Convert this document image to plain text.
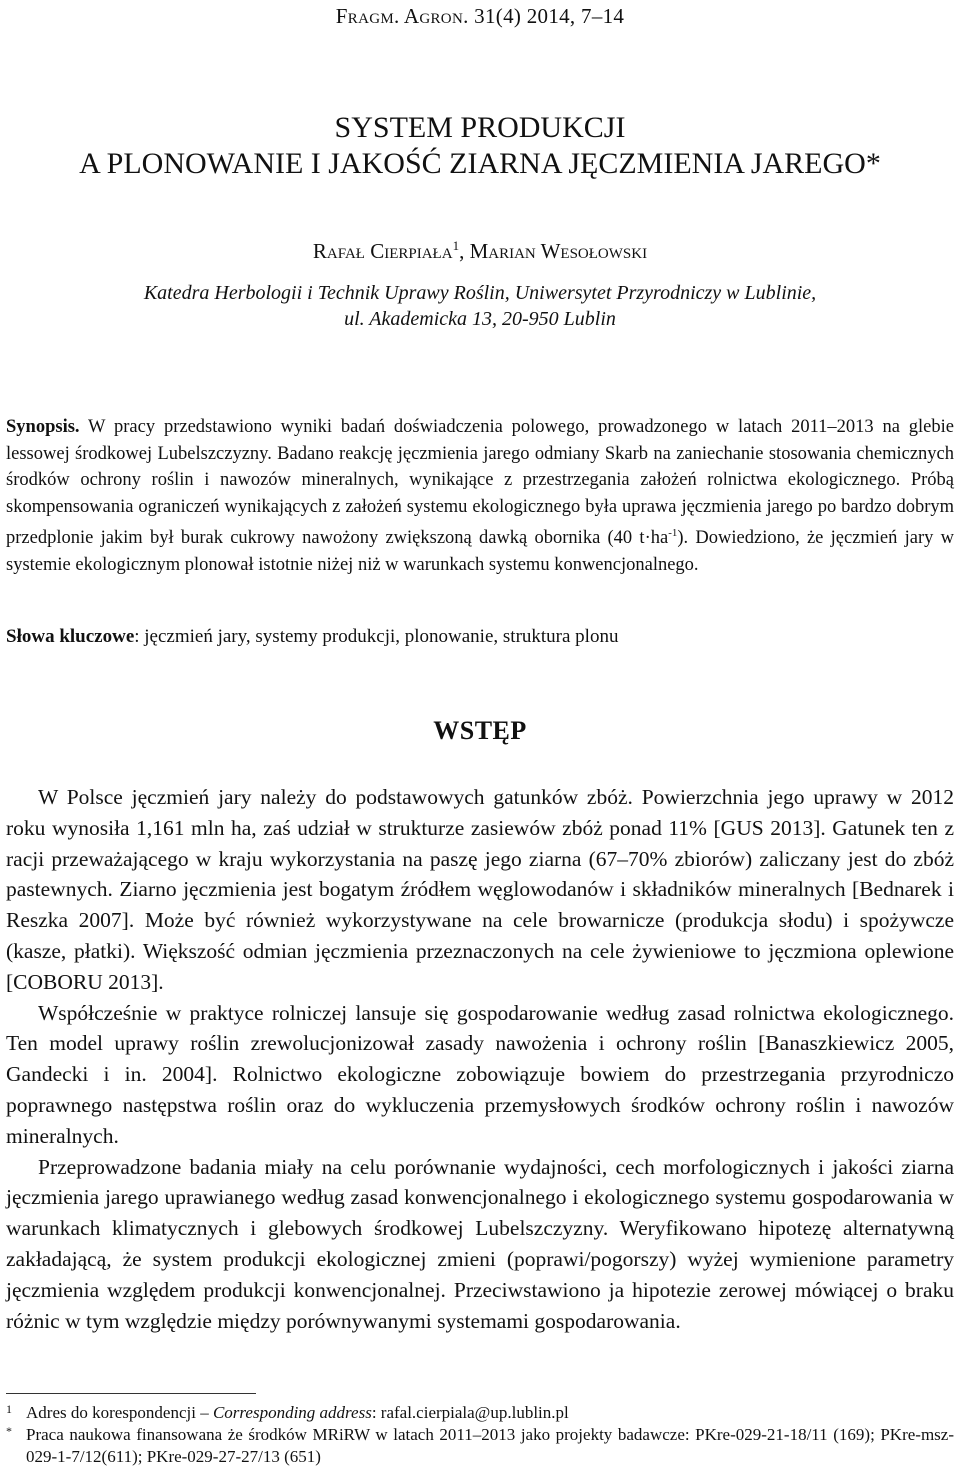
Fragm. Agron. 31(4) 2014, 7–14
SYSTEM PRODUKCJI
A PLONOWANIE I JAKOŚĆ ZIARNA JĘCZMIENIA JAREGO*
Rafał Cierpiała$^1$, Marian Wesołowski
Katedra Herbologii i Technik Uprawy Roślin, Uniwersytet Przyrodniczy w Lublinie,
ul. Akademicka 13, 20-950 Lublin
Synopsis. W pracy przedstawiono wyniki badań doświadczenia polowego, prowadzonego w latach 2011–2013 na glebie lessowej środkowej Lubelszczyzny. Badano reakcję jęczmienia jarego odmiany Skarb na zaniechanie stosowania chemicznych środków ochrony roślin i nawozów mineralnych, wynikające z przestrzegania założeń rolnictwa ekologicznego. Próbą skompensowania ograniczeń wynikających z założeń systemu ekologicznego była uprawa jęczmienia jarego po bardzo dobrym przedplonie jakim był burak cukrowy nawożony zwiększoną dawką obornika (40 $t\cdot ha^{-1}$). Dowiedziono, że jęczmień jary w systemie ekologicznym plonował istotnie niżej niż w warunkach systemu konwencjonalnego.
Słowa kluczowe: jęczmień jary, systemy produkcji, plonowanie, struktura plonu
WSTĘP

W Polsce jęczmień jary należy do podstawowych gatunków zbóż. Powierzchnia jego uprawy w 2012 roku wynosiła 1,161 mln ha, zaś udział w strukturze zasiewów zbóż ponad 11% [GUS 2013]. Gatunek ten z racji przeważającego w kraju wykorzystania na paszę jego ziarna (67–70% zbiorów) zaliczany jest do zbóż pastewnych. Ziarno jęczmienia jest bogatym źródłem węglowodanów i składników mineralnych [Bednarek i Reszka 2007]. Może być również wykorzystywane na cele browarnicze (produkcja słodu) i spożywcze (kasze, płatki). Większość odmian jęczmienia przeznaczonych na cele żywieniowe to jęczmiona oplewione [COBORU 2013].

Współcześnie w praktyce rolniczej lansuje się gospodarowanie według zasad rolnictwa ekologicznego. Ten model uprawy roślin zrewolucjonizował zasady nawożenia i ochrony roślin [Banaszkiewicz 2005, Gandecki i in. 2004]. Rolnictwo ekologiczne zobowiązuje bowiem do przestrzegania przyrodniczo poprawnego następstwa roślin oraz do wykluczenia przemysłowych środków ochrony roślin i nawozów mineralnych.

Przeprowadzone badania miały na celu porównanie wydajności, cech morfologicznych i jakości ziarna jęczmienia jarego uprawianego według zasad konwencjonalnego i ekologicznego systemu gospodarowania w warunkach klimatycznych i glebowych środkowej Lubelszczyzny. Weryfikowano hipotezę alternatywną zakładającą, że system produkcji ekologicznej zmieni (poprawi/pogorszy) wyżej wymienione parametry jęczmienia względem produkcji konwencjonalnej. Przeciwstawiono ja hipotezie zerowej mówiącej o braku różnic w tym względzie między porównywanymi systemami gospodarowania.

1 Adres do korespondencji – Corresponding address: rafal.cierpiala@up.lublin.pl
* Praca naukowa finansowana że środków MRiRW w latach 2011–2013 jako projekty badawcze: PKre-029-21-18/11 (169); PKre-msz-029-1-7/12(611); PKre-029-27-27/13 (651)
